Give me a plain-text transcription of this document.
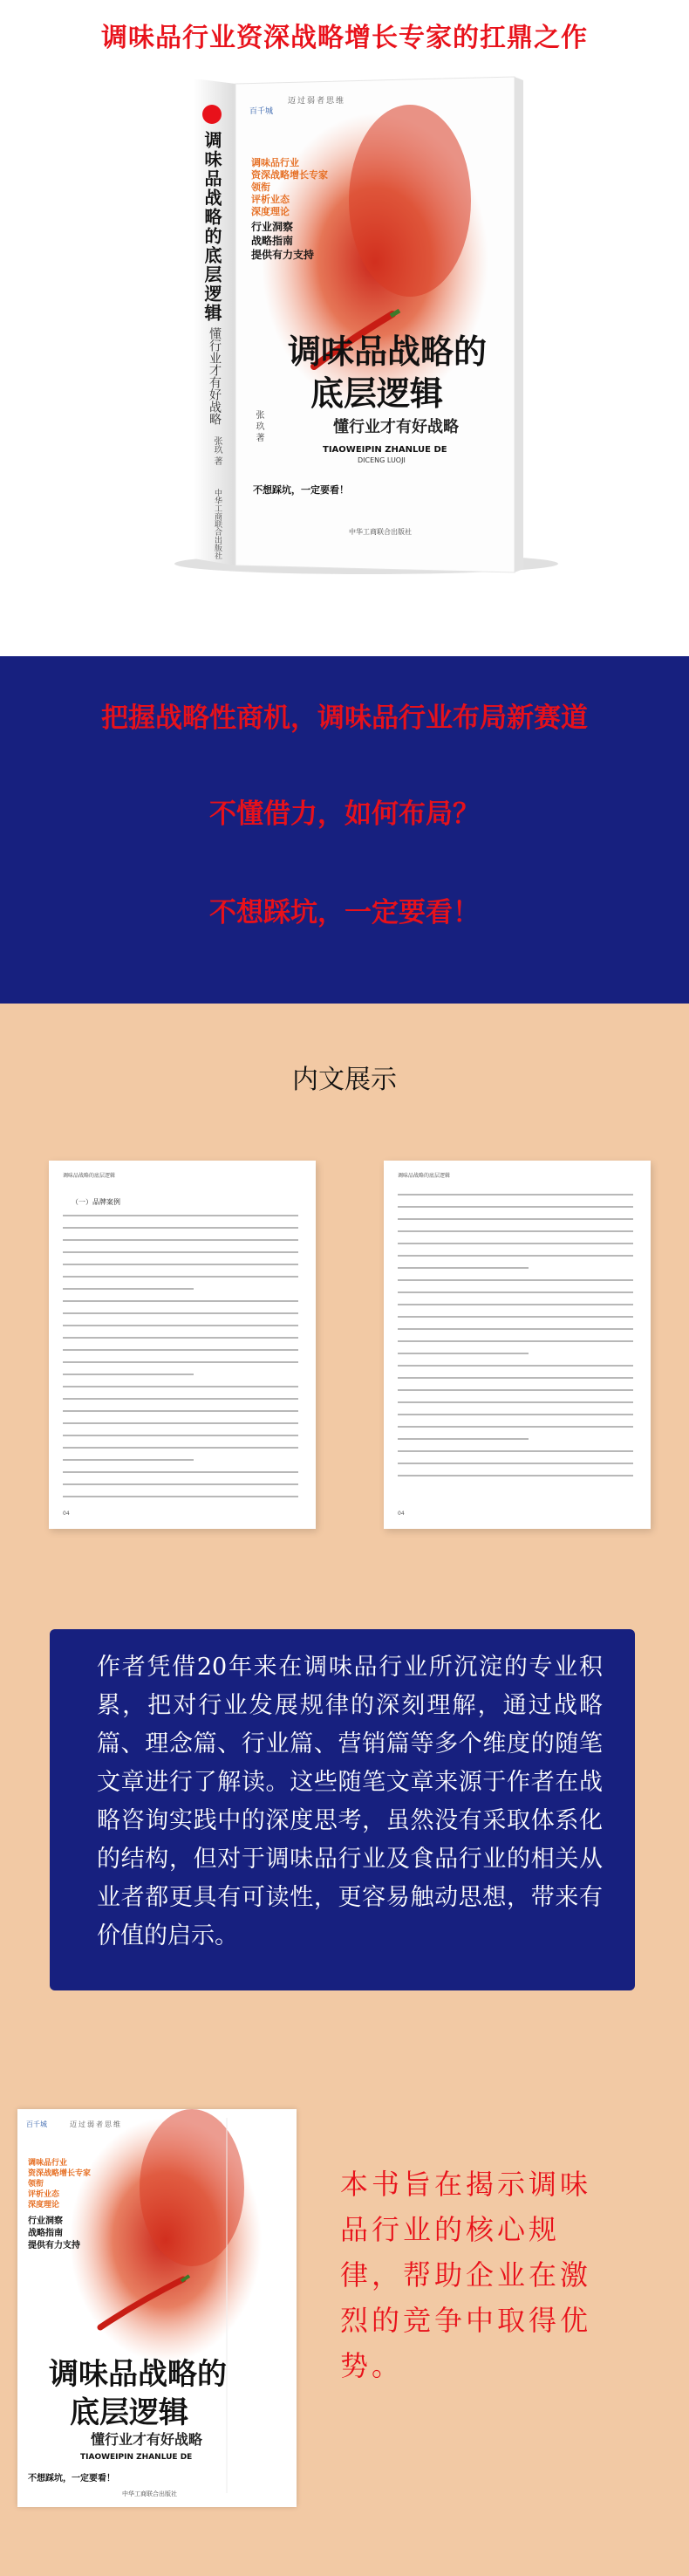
调味品行业资深战略增长专家的扛鼎之作
调味品战略的底层逻辑
懂行业才有好战略
张玖 著
中华工商联合出版社
百千城
迈过弱者思维
调味品行业
资深战略增长专家
领衔
评析业态
深度理论
行业洞察
战略指南
提供有力支持
调味品战略的
底层逻辑
懂行业才有好战略
TIAOWEIPIN ZHANLUE DE
DICENG LUOJI
张 玖 著
不想踩坑，一定要看！
中华工商联合出版社
把握战略性商机，调味品行业布局新赛道
不懂借力，如何布局？
不想踩坑，一定要看！
内文展示
调味品战略的底层逻辑
（一）品牌案例
04
调味品战略的底层逻辑
04

作者凭借20年来在调味品行业所沉淀的专业积累，把对行业发展规律的深刻理解，通过战略篇、理念篇、行业篇、营销篇等多个维度的随笔文章进行了解读。这些随笔文章来源于作者在战略咨询实践中的深度思考，虽然没有采取体系化的结构，但对于调味品行业及食品行业的相关从业者都更具有可读性，更容易触动思想，带来有价值的启示。

百千城	迈过弱者思维
调味品行业
资深战略增长专家
领衔
评析业态
深度理论
行业洞察
战略指南
提供有力支持
调味品战略的
底层逻辑
懂行业才有好战略
TIAOWEIPIN ZHANLUE DE
不想踩坑，一定要看！
中华工商联合出版社
本书旨在揭示调味品行业的核心规律，帮助企业在激烈的竞争中取得优势。
